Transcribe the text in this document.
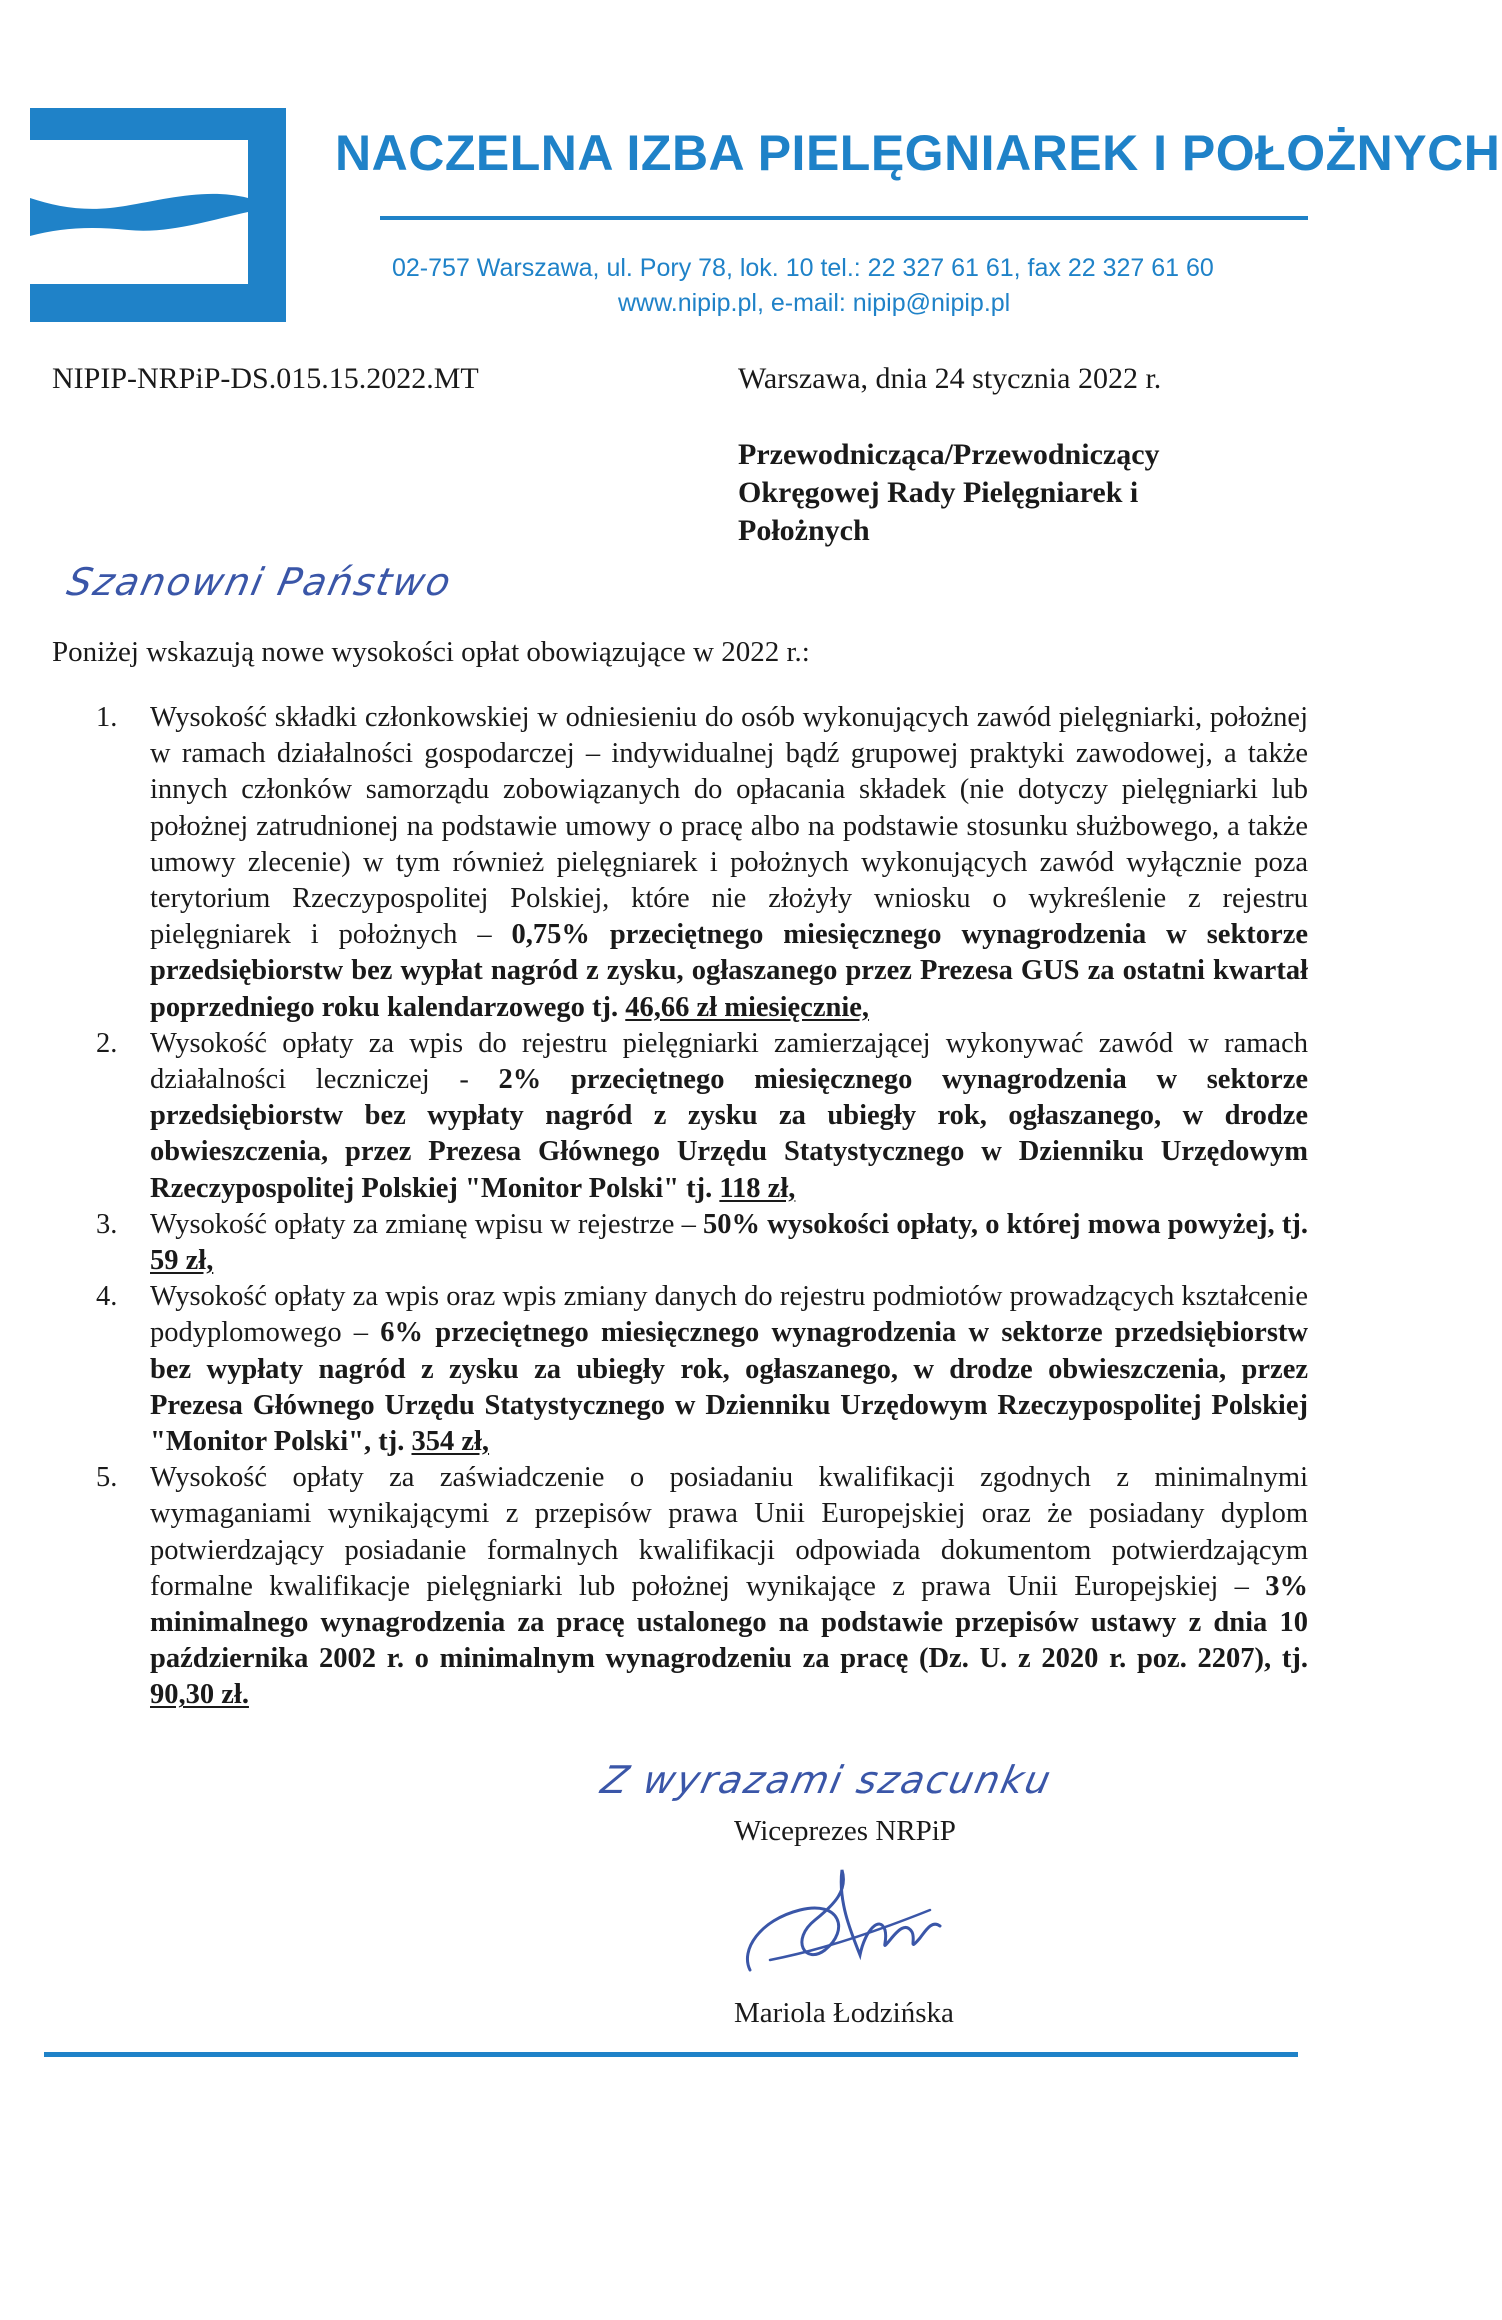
NACZELNA IZBA PIELĘGNIAREK I POŁOŻNYCH
02-757 Warszawa, ul. Pory 78, lok. 10 tel.: 22 327 61 61, fax 22 327 61 60
www.nipip.pl, e-mail: nipip@nipip.pl
NIPIP-NRPiP-DS.015.15.2022.MT	Warszawa, dnia 24 stycznia 2022 r.
Przewodnicząca/Przewodniczący
Okręgowej Rady Pielęgniarek i
Położnych
Szanowni Państwo
Poniżej wskazują nowe wysokości opłat obowiązujące w 2022 r.:
1. Wysokość składki członkowskiej w odniesieniu do osób wykonujących zawód pielęgniarki, położnej w ramach działalności gospodarczej – indywidualnej bądź grupowej praktyki zawodowej, a także innych członków samorządu zobowiązanych do opłacania składek (nie dotyczy pielęgniarki lub położnej zatrudnionej na podstawie umowy o pracę albo na podstawie stosunku służbowego, a także umowy zlecenie) w tym również pielęgniarek i położnych wykonujących zawód wyłącznie poza terytorium Rzeczypospolitej Polskiej, które nie złożyły wniosku o wykreślenie z rejestru pielęgniarek i położnych – 0,75% przeciętnego miesięcznego wynagrodzenia w sektorze przedsiębiorstw bez wypłat nagród z zysku, ogłaszanego przez Prezesa GUS za ostatni kwartał poprzedniego roku kalendarzowego tj. 46,66 zł miesięcznie,
2. Wysokość opłaty za wpis do rejestru pielęgniarki zamierzającej wykonywać zawód w ramach działalności leczniczej - 2% przeciętnego miesięcznego wynagrodzenia w sektorze przedsiębiorstw bez wypłaty nagród z zysku za ubiegły rok, ogłaszanego, w drodze obwieszczenia, przez Prezesa Głównego Urzędu Statystycznego w Dzienniku Urzędowym Rzeczypospolitej Polskiej "Monitor Polski" tj. 118 zł,
3. Wysokość opłaty za zmianę wpisu w rejestrze – 50% wysokości opłaty, o której mowa powyżej, tj. 59 zł,
4. Wysokość opłaty za wpis oraz wpis zmiany danych do rejestru podmiotów prowadzących kształcenie podyplomowego – 6% przeciętnego miesięcznego wynagrodzenia w sektorze przedsiębiorstw bez wypłaty nagród z zysku za ubiegły rok, ogłaszanego, w drodze obwieszczenia, przez Prezesa Głównego Urzędu Statystycznego w Dzienniku Urzędowym Rzeczypospolitej Polskiej "Monitor Polski", tj. 354 zł,
5. Wysokość opłaty za zaświadczenie o posiadaniu kwalifikacji zgodnych z minimalnymi wymaganiami wynikającymi z przepisów prawa Unii Europejskiej oraz że posiadany dyplom potwierdzający posiadanie formalnych kwalifikacji odpowiada dokumentom potwierdzającym formalne kwalifikacje pielęgniarki lub położnej wynikające z prawa Unii Europejskiej – 3% minimalnego wynagrodzenia za pracę ustalonego na podstawie przepisów ustawy z dnia 10 października 2002 r. o minimalnym wynagrodzeniu za pracę (Dz. U. z 2020 r. poz. 2207), tj. 90,30 zł.
Z wyrazami szacunku
Wiceprezes NRPiP
Mariola Łodzińska
